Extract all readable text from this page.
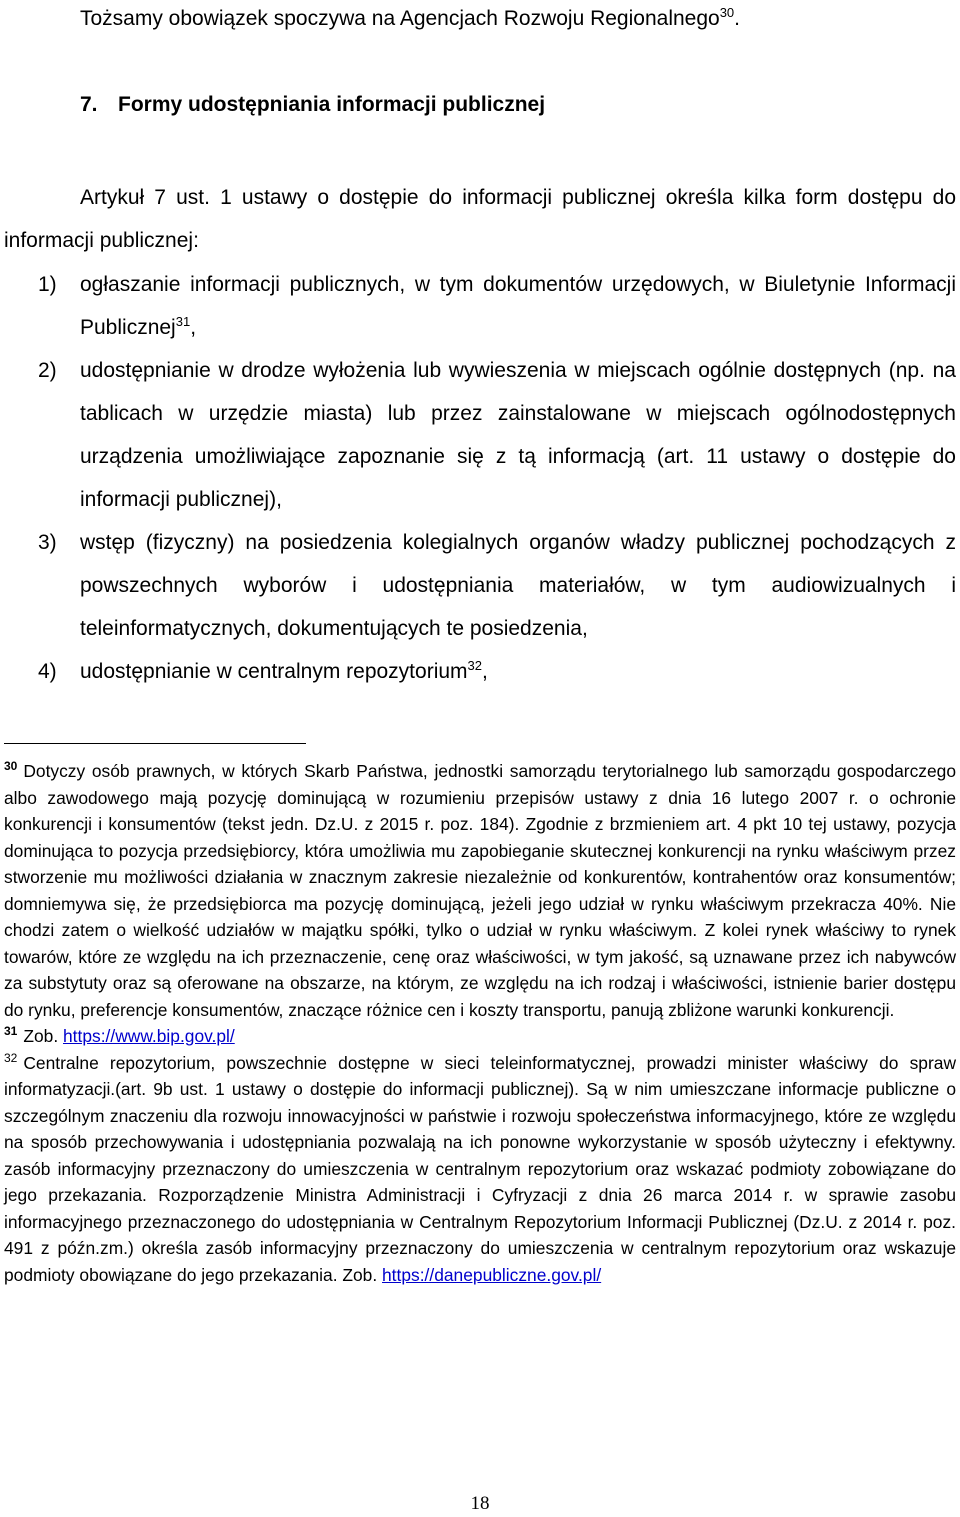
Tożsamy obowiązek spoczywa na Agencjach Rozwoju Regionalnego$^{30}$.
7. Formy udostępniania informacji publicznej

Artykuł 7 ust. 1 ustawy o dostępie do informacji publicznej określa kilka form dostępu do informacji publicznej:

1) ogłaszanie informacji publicznych, w tym dokumentów urzędowych, w Biuletynie Informacji Publicznej$^{31}$,
2) udostępnianie w drodze wyłożenia lub wywieszenia w miejscach ogólnie dostępnych (np. na tablicach w urzędzie miasta) lub przez zainstalowane w miejscach ogólnodostępnych urządzenia umożliwiające zapoznanie się z tą informacją (art. 11 ustawy o dostępie do informacji publicznej),
3) wstęp (fizyczny) na posiedzenia kolegialnych organów władzy publicznej pochodzących z powszechnych wyborów i udostępniania materiałów, w tym audiowizualnych i teleinformatycznych, dokumentujących te posiedzenia,
4) udostępnianie w centralnym repozytorium$^{32}$,

$^{30}$ Dotyczy osób prawnych, w których Skarb Państwa, jednostki samorządu terytorialnego lub samorządu gospodarczego albo zawodowego mają pozycję dominującą w rozumieniu przepisów ustawy z dnia 16 lutego 2007 r. o ochronie konkurencji i konsumentów (tekst jedn. Dz.U. z 2015 r. poz. 184). Zgodnie z brzmieniem art. 4 pkt 10 tej ustawy, pozycja dominująca to pozycja przedsiębiorcy, która umożliwia mu zapobieganie skutecznej konkurencji na rynku właściwym przez stworzenie mu możliwości działania w znacznym zakresie niezależnie od konkurentów, kontrahentów oraz konsumentów; domniemywa się, że przedsiębiorca ma pozycję dominującą, jeżeli jego udział w rynku właściwym przekracza 40%. Nie chodzi zatem o wielkość udziałów w majątku spółki, tylko o udział w rynku właściwym. Z kolei rynek właściwy to rynek towarów, które ze względu na ich przeznaczenie, cenę oraz właściwości, w tym jakość, są uznawane przez ich nabywców za substytuty oraz są oferowane na obszarze, na którym, ze względu na ich rodzaj i właściwości, istnienie barier dostępu do rynku, preferencje konsumentów, znaczące różnice cen i koszty transportu, panują zbliżone warunki konkurencji.

$^{31}$ Zob. https://www.bip.gov.pl/

$^{32}$ Centralne repozytorium, powszechnie dostępne w sieci teleinformatycznej, prowadzi minister właściwy do spraw informatyzacji.(art. 9b ust. 1 ustawy o dostępie do informacji publicznej). Są w nim umieszczane informacje publiczne o szczególnym znaczeniu dla rozwoju innowacyjności w państwie i rozwoju społeczeństwa informacyjnego, które ze względu na sposób przechowywania i udostępniania pozwalają na ich ponowne wykorzystanie w sposób użyteczny i efektywny. zasób informacyjny przeznaczony do umieszczenia w centralnym repozytorium oraz wskazać podmioty zobowiązane do jego przekazania. Rozporządzenie Ministra Administracji i Cyfryzacji z dnia 26 marca 2014 r. w sprawie zasobu informacyjnego przeznaczonego do udostępniania w Centralnym Repozytorium Informacji Publicznej (Dz.U. z 2014 r. poz. 491 z późn.zm.) określa zasób informacyjny przeznaczony do umieszczenia w centralnym repozytorium oraz wskazuje podmioty obowiązane do jego przekazania. Zob. https://danepubliczne.gov.pl/

18
